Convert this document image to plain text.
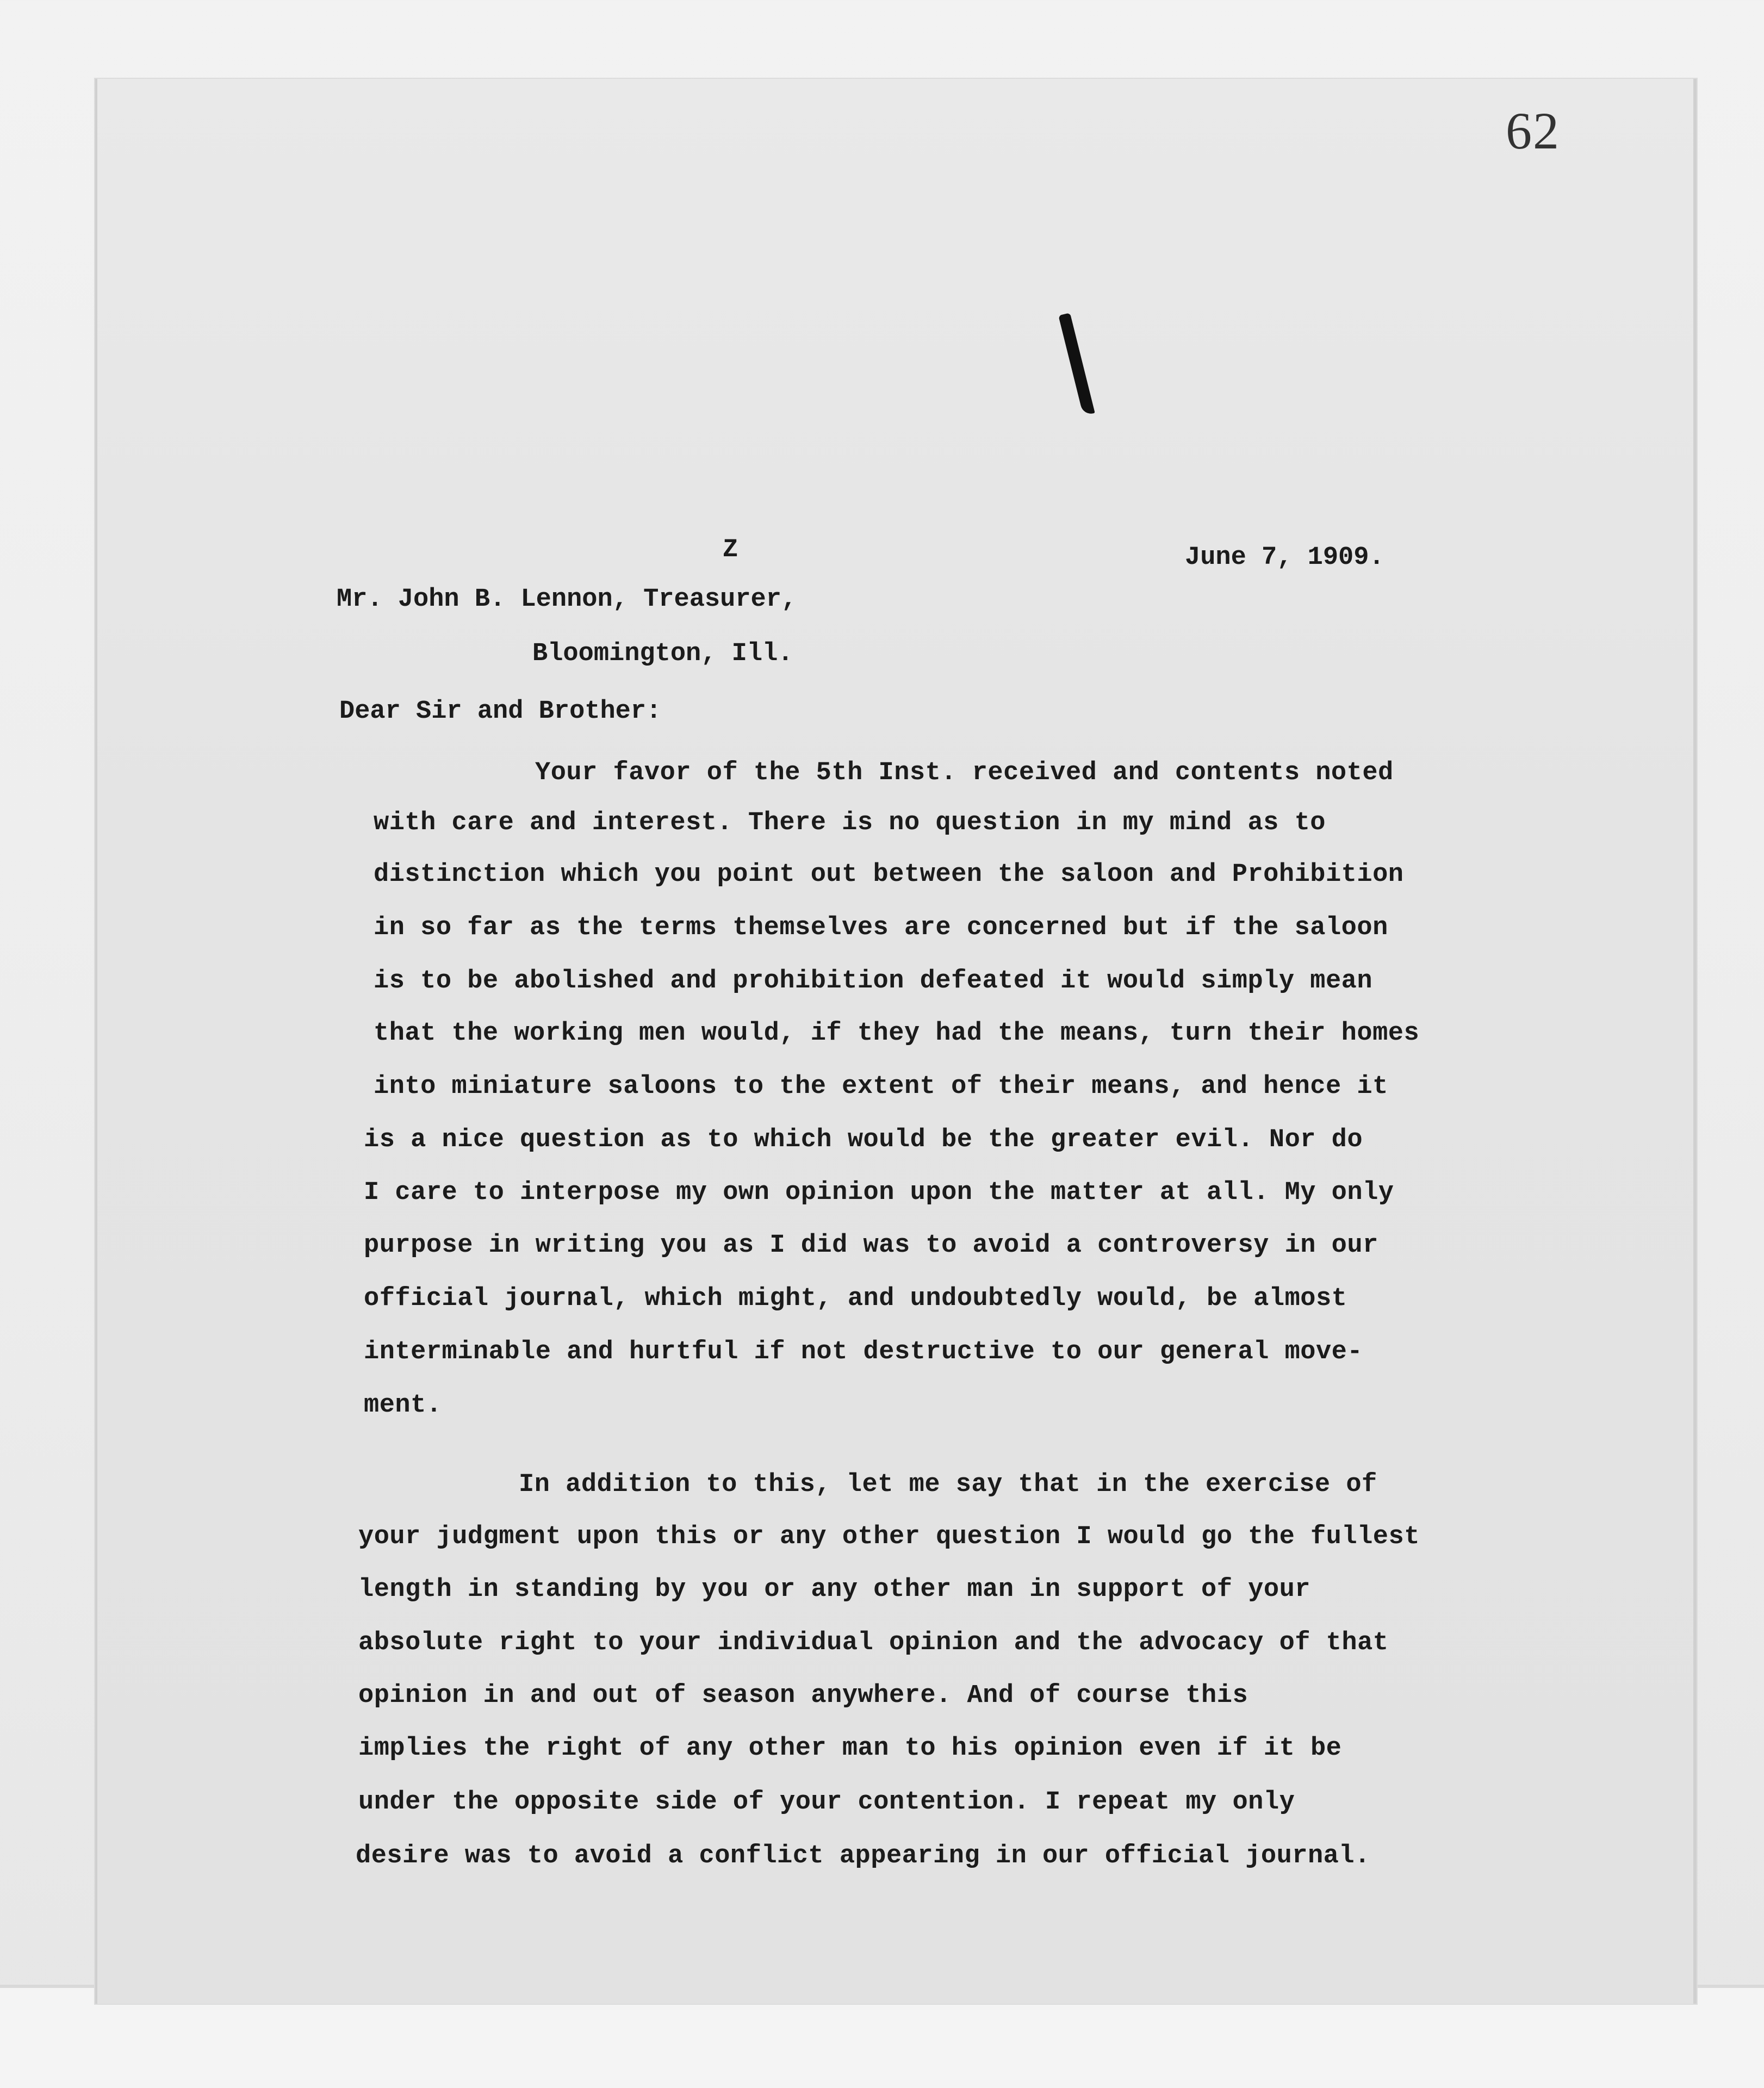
62
Z	June 7, 1909.
Mr. John B. Lennon, Treasurer,
Bloomington, Ill.
Dear Sir and Brother:
Your favor of the 5th Inst. received and contents noted
with care and interest. There is no question in my mind as to
distinction which you point out between the saloon and Prohibition
in so far as the terms themselves are concerned but if the saloon
is to be abolished and prohibition defeated it would simply mean
that the working men would, if they had the means, turn their homes
into miniature saloons to the extent of their means, and hence it
is a nice question as to which would be the greater evil. Nor do
I care to interpose my own opinion upon the matter at all. My only
purpose in writing you as I did was to avoid a controversy in our
official journal, which might, and undoubtedly would, be almost
interminable and hurtful if not destructive to our general move-
ment.
In addition to this, let me say that in the exercise of
your judgment upon this or any other question I would go the fullest
length in standing by you or any other man in support of your
absolute right to your individual opinion and the advocacy of that
opinion in and out of season anywhere. And of course this
implies the right of any other man to his opinion even if it be
under the opposite side of your contention. I repeat my only
desire was to avoid a conflict appearing in our official journal.
